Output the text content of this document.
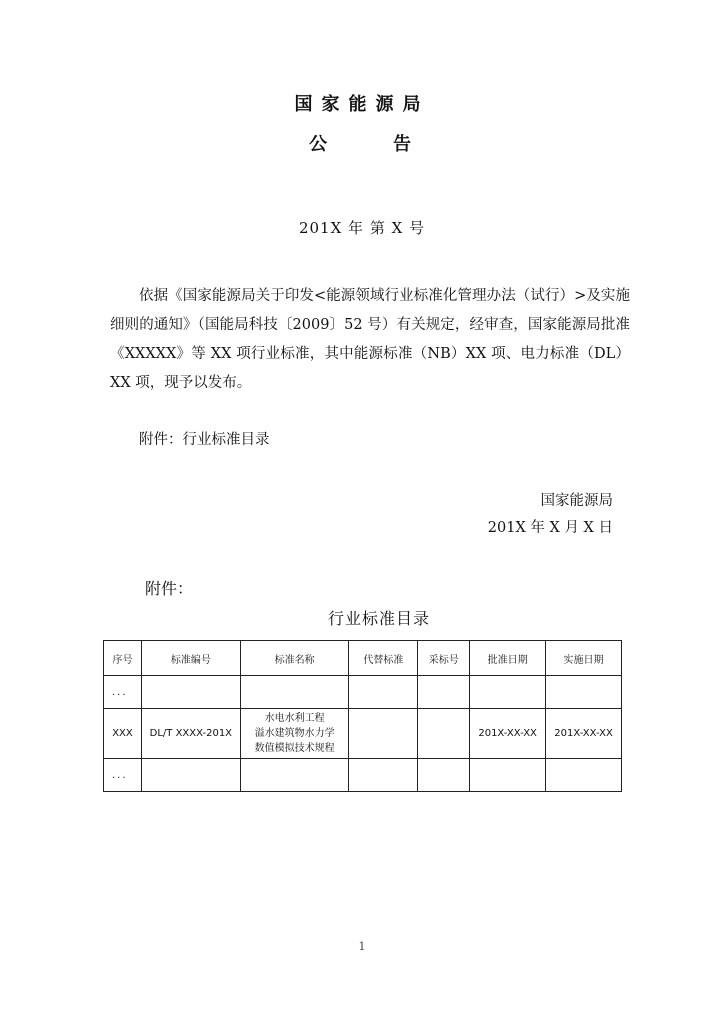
国家能源局
公　告
201X 年 第 X 号
依据《国家能源局关于印发<能源领域行业标准化管理办法（试行）>及实施细则的通知》（国能局科技〔2009〕52 号）有关规定，经审查，国家能源局批准《XXXXX》等 XX 项行业标准，其中能源标准（NB）XX 项、电力标准（DL）XX 项，现予以发布。
附件：行业标准目录
国家能源局
201X 年 X 月 X 日
附件：
行业标准目录
序号	标准编号	标准名称	代替标准	采标号	批准日期	实施日期
...						
XXX	DL/T XXXX-201X	水电水利工程
溢水建筑物水力学
数值模拟技术规程			201X-XX-XX	201X-XX-XX
...						
1
